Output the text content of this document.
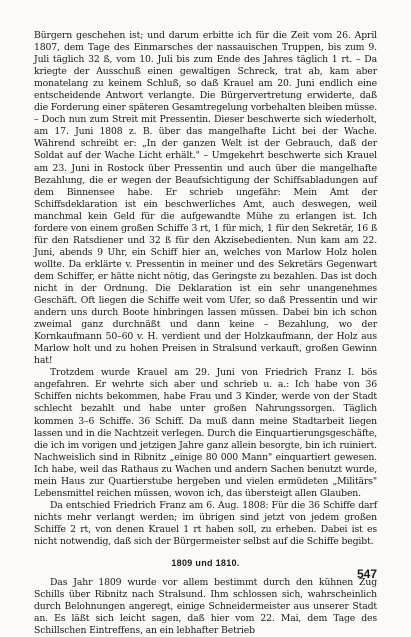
Bürgern geschehen ist; und darum erbitte ich für die Zeit vom 26. April 1807, dem Tage des Einmarsches der nassauischen Truppen, bis zum 9. Juli täglich 32 ß, vom 10. Juli bis zum Ende des Jahres täglich 1 rt. – Da kriegte der Ausschuß einen gewaltigen Schreck, trat ab, kam aber monatelang zu keinem Schluß, so daß Krauel am 20. Juni endlich eine entscheidende Antwort verlangte. Die Bürgervertretung erwiderte, daß die Forderung einer späteren Gesamtregelung vorbehalten bleiben müsse. – Doch nun zum Streit mit Pressentin. Dieser beschwerte sich wiederholt, am 17. Juni 1808 z. B. über das mangelhafte Licht bei der Wache. Während schreibt er: „In der ganzen Welt ist der Gebrauch, daß der Soldat auf der Wache Licht erhält." – Umgekehrt beschwerte sich Krauel am 23. Juni in Rostock über Pressentin und auch über die mangelhafte Bezahlung, die er wegen der Beaufsichtigung der Schiffsabladungen auf dem Binnensee habe. Er schrieb ungefähr: Mein Amt der Schiffsdeklaration ist ein beschwerliches Amt, auch deswegen, weil manchmal kein Geld für die aufgewandte Mühe zu erlangen ist. Ich fordere von einem großen Schiffe 3 rt, 1 für mich, 1 für den Sekretär, 16 ß für den Ratsdiener und 32 ß für den Akzisebedienten. Nun kam am 22. Juni, abends 9 Uhr, ein Schiff hier an, welches von Marlow Holz holen wollte. Da erklärte v. Pressentin in meiner und des Sekretärs Gegenwart dem Schiffer, er hätte nicht nötig, das Geringste zu bezahlen. Das ist doch nicht in der Ordnung. Die Deklaration ist ein sehr unangenehmes Geschäft. Oft liegen die Schiffe weit vom Ufer, so daß Pressentin und wir andern uns durch Boote hinbringen lassen müssen. Dabei bin ich schon zweimal ganz durchnäßt und dann keine – Bezahlung, wo der Kornkaufmann 50–60 v. H. verdient und der Holzkaufmann, der Holz aus Marlow holt und zu hohen Preisen in Stralsund verkauft, großen Gewinn hat!

Trotzdem wurde Krauel am 29. Juni von Friedrich Franz I. bös angefahren. Er wehrte sich aber und schrieb u. a.: Ich habe von 36 Schiffen nichts bekommen, habe Frau und 3 Kinder, werde von der Stadt schlecht bezahlt und habe unter großen Nahrungssorgen. Täglich kommen 3–6 Schiffe. 36 Schiff. Da muß dann meine Stadtarbeit liegen lassen und in die Nachtzeit verlegen. Durch die Einquartierungsgeschäfte, die ich im vorigen und jetzigen Jahre ganz allein besorgte, bin ich ruiniert. Nachweislich sind in Ribnitz „einige 80 000 Mann" einquartiert gewesen. Ich habe, weil das Rathaus zu Wachen und andern Sachen benutzt wurde, mein Haus zur Quartierstube hergeben und vielen ermüdeten „Militärs" Lebensmittel reichen müssen, wovon ich, das übersteigt allen Glauben.

Da entschied Friedrich Franz am 6. Aug. 1808: Für die 36 Schiffe darf nichts mehr verlangt werden; im übrigen sind jetzt von jedem großen Schiffe 2 rt, von denen Krauel 1 rt haben soll, zu erheben. Dabei ist es nicht notwendig, daß sich der Bürgermeister selbst auf die Schiffe begibt.

1809 und 1810.

Das Jahr 1809 wurde vor allem bestimmt durch den kühnen Zug Schills über Ribnitz nach Stralsund. Ihm schlossen sich, wahrscheinlich durch Belohnungen angeregt, einige Schneidermeister aus unserer Stadt an. Es läßt sich leicht sagen, daß hier vom 22. Mai, dem Tage des Schillschen Eintreffens, an ein lebhafter Betrieb

547
